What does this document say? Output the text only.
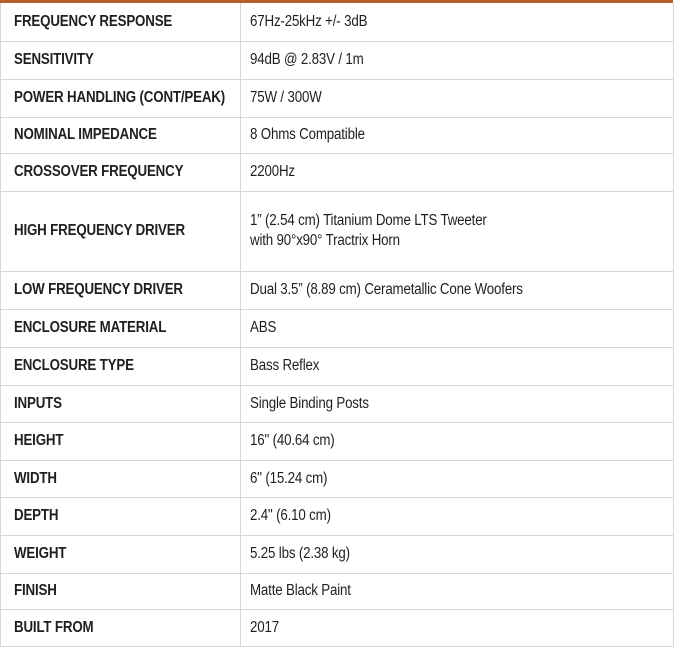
FREQUENCY RESPONSE	67Hz-25kHz +/- 3dB
SENSITIVITY	94dB @ 2.83V / 1m
POWER HANDLING (CONT/PEAK)	75W / 300W
NOMINAL IMPEDANCE	8 Ohms Compatible
CROSSOVER FREQUENCY	2200Hz
HIGH FREQUENCY DRIVER	1” (2.54 cm) Titanium Dome LTS Tweeter
with 90°x90° Tractrix Horn
LOW FREQUENCY DRIVER	Dual 3.5” (8.89 cm) Cerametallic Cone Woofers
ENCLOSURE MATERIAL	ABS
ENCLOSURE TYPE	Bass Reflex
INPUTS	Single Binding Posts
HEIGHT	16" (40.64 cm)
WIDTH	6" (15.24 cm)
DEPTH	2.4" (6.10 cm)
WEIGHT	5.25 lbs (2.38 kg)
FINISH	Matte Black Paint
BUILT FROM	2017
